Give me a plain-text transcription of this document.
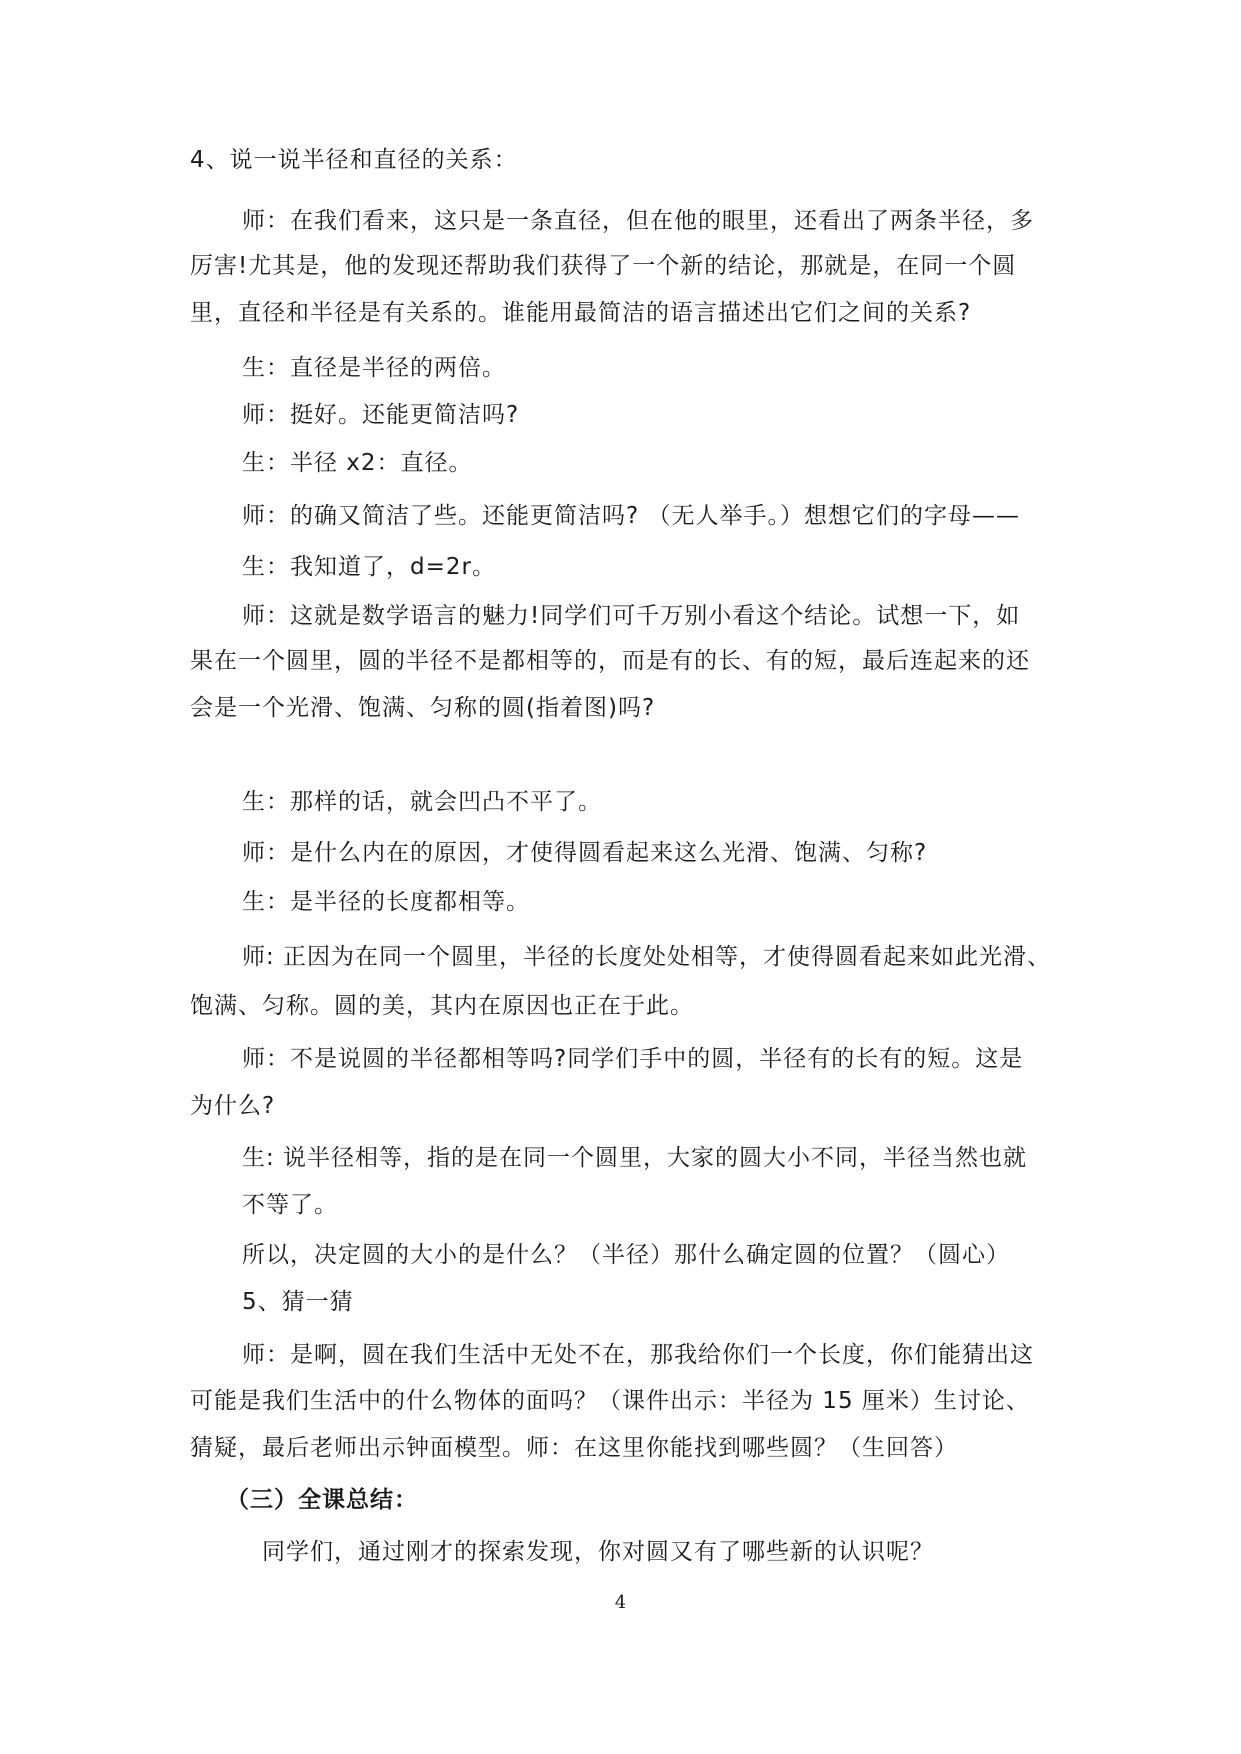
4、说一说半径和直径的关系：
师：在我们看来，这只是一条直径，但在他的眼里，还看出了两条半径，多
厉害!尤其是，他的发现还帮助我们获得了一个新的结论，那就是，在同一个圆
里，直径和半径是有关系的。谁能用最简洁的语言描述出它们之间的关系?
生：直径是半径的两倍。
师：挺好。还能更简洁吗?
生：半径 x2：直径。
师：的确又简洁了些。还能更简洁吗? （无人举手。）想想它们的字母——
生：我知道了，d=2r。
师：这就是数学语言的魅力!同学们可千万别小看这个结论。试想一下，如
果在一个圆里，圆的半径不是都相等的，而是有的长、有的短，最后连起来的还
会是一个光滑、饱满、匀称的圆(指着图)吗?
生：那样的话，就会凹凸不平了。
师：是什么内在的原因，才使得圆看起来这么光滑、饱满、匀称?
生：是半径的长度都相等。
师: 正因为在同一个圆里，半径的长度处处相等，才使得圆看起来如此光滑、
饱满、匀称。圆的美，其内在原因也正在于此。
师：不是说圆的半径都相等吗?同学们手中的圆，半径有的长有的短。这是
为什么?
生: 说半径相等，指的是在同一个圆里，大家的圆大小不同，半径当然也就
不等了。
所以，决定圆的大小的是什么？（半径）那什么确定圆的位置？（圆心）
5、猜一猜
师：是啊，圆在我们生活中无处不在，那我给你们一个长度，你们能猜出这
可能是我们生活中的什么物体的面吗？（课件出示：半径为 15 厘米）生讨论、
猜疑，最后老师出示钟面模型。师：在这里你能找到哪些圆？（生回答）
（三）全课总结：
同学们，通过刚才的探索发现，你对圆又有了哪些新的认识呢？
4
